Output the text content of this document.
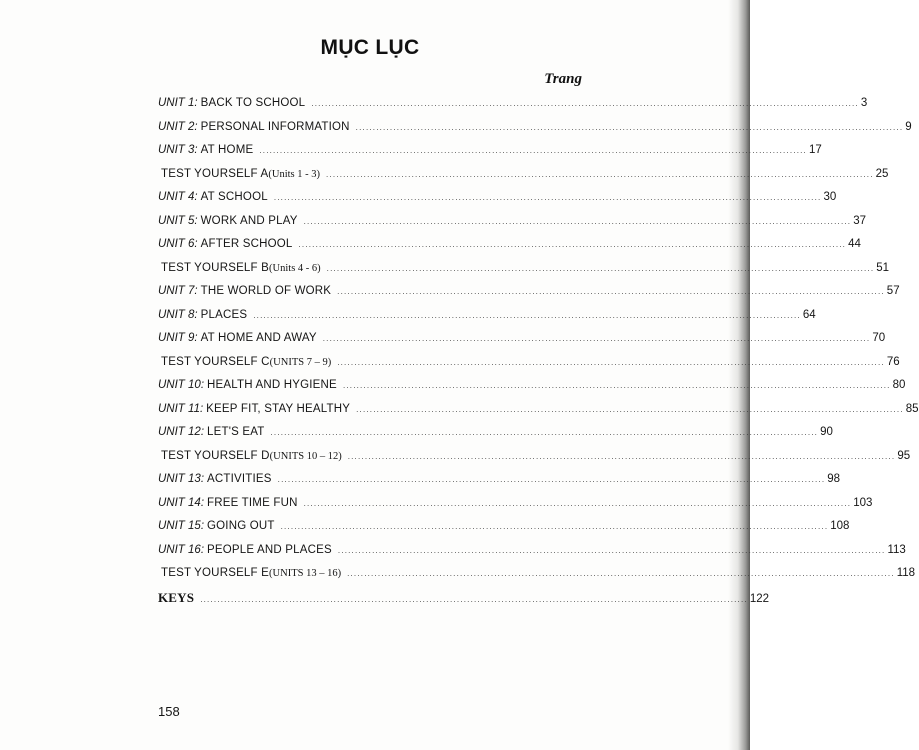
MỤC LỤC
Trang
UNIT 1: BACK TO SCHOOL ................................................................................................................................................................ 3
UNIT 2: PERSONAL INFORMATION ................................................................................................................................................................ 9
UNIT 3: AT HOME ................................................................................................................................................................ 17
TEST YOURSELF A (Units 1 - 3) ................................................................................................................................................................ 25
UNIT 4: AT SCHOOL ................................................................................................................................................................ 30
UNIT 5: WORK AND PLAY ................................................................................................................................................................ 37
UNIT 6: AFTER SCHOOL ................................................................................................................................................................ 44
TEST YOURSELF B (Units 4 - 6) ................................................................................................................................................................ 51
UNIT 7: THE WORLD OF WORK ................................................................................................................................................................ 57
UNIT 8: PLACES ................................................................................................................................................................ 64
UNIT 9: AT HOME AND AWAY ................................................................................................................................................................ 70
TEST YOURSELF C (UNITS 7 – 9) ................................................................................................................................................................ 76
UNIT 10: HEALTH AND HYGIENE ................................................................................................................................................................ 80
UNIT 11: KEEP FIT, STAY HEALTHY ................................................................................................................................................................ 85
UNIT 12: LET'S EAT ................................................................................................................................................................ 90
TEST YOURSELF D (UNITS 10 – 12) ................................................................................................................................................................ 95
UNIT 13: ACTIVITIES ................................................................................................................................................................ 98
UNIT 14: FREE TIME FUN ................................................................................................................................................................ 103
UNIT 15: GOING OUT ................................................................................................................................................................ 108
UNIT 16: PEOPLE AND PLACES ................................................................................................................................................................ 113
TEST YOURSELF E (UNITS 13 – 16) ................................................................................................................................................................ 118
KEYS ................................................................................................................................................................ 122
158
